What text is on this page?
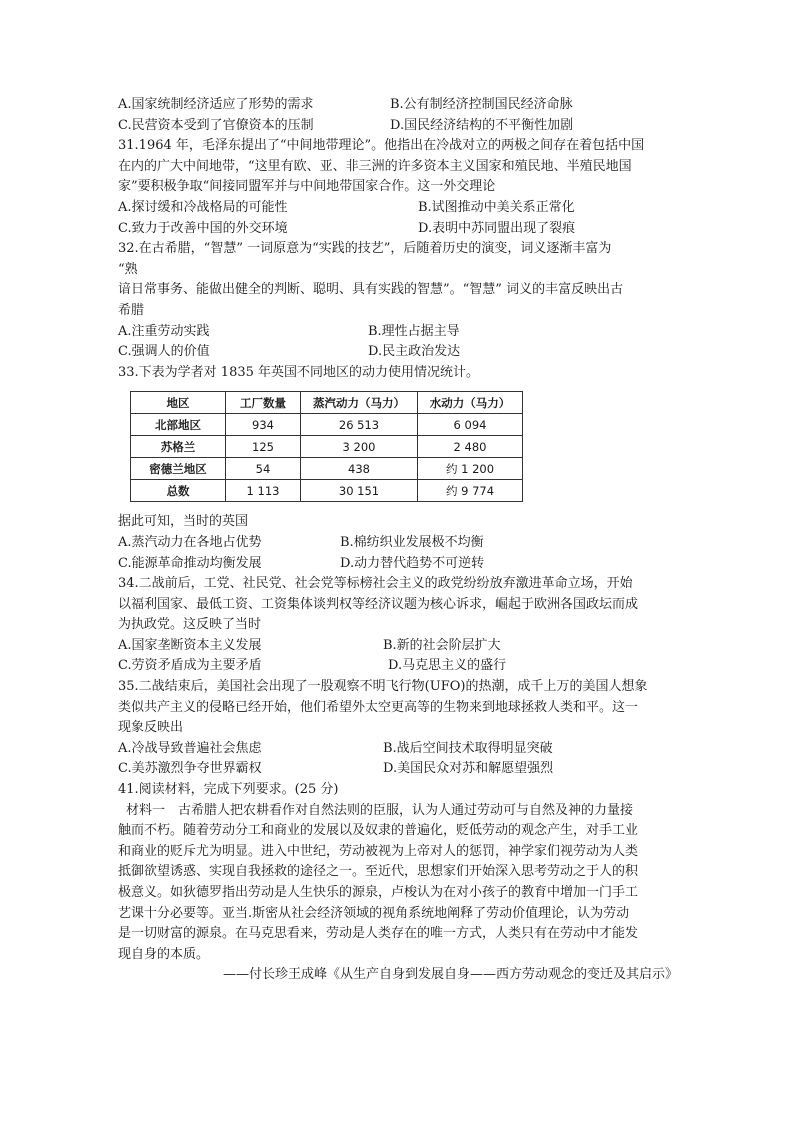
A.国家统制经济适应了形势的需求	B.公有制经济控制国民经济命脉
C.民营资本受到了官僚资本的压制	D.国民经济结构的不平衡性加剧
31.1964 年，毛泽东提出了“中间地带理论”。他指出在冷战对立的两极之间存在着包括中国
在内的广大中间地带，“这里有欧、亚、非三洲的许多资本主义国家和殖民地、半殖民地国
家”要积极争取“间接同盟军并与中间地带国家合作。这一外交理论
A.探讨缓和冷战格局的可能性	B.试图推动中美关系正常化
C.致力于改善中国的外交环境	D.表明中苏同盟出现了裂痕
32.在古希腊，“智慧” 一词原意为“实践的技艺”，后随着历史的演变，词义逐渐丰富为
“熟
谙日常事务、能做出健全的判断、聪明、具有实践的智慧”。“智慧” 词义的丰富反映出古
希腊
A.注重劳动实践	B.理性占据主导
C.强调人的价值	D.民主政治发达
33.下表为学者对 1835 年英国不同地区的动力使用情况统计。
地区	工厂数量	蒸汽动力（马力）	水动力（马力）
北部地区	934	26 513	6 094
苏格兰	125	3 200	2 480
密德兰地区	54	438	约 1 200
总数	1 113	30 151	约 9 774
据此可知，当时的英国
A.蒸汽动力在各地占优势	B.棉纺织业发展极不均衡
C.能源革命推动均衡发展	D.动力替代趋势不可逆转
34.二战前后，工党、社民党、社会党等标榜社会主义的政党纷纷放弃激进革命立场，开始
以福利国家、最低工资、工资集体谈判权等经济议题为核心诉求，崛起于欧洲各国政坛而成
为执政党。这反映了当时
A.国家垄断资本主义发展	B.新的社会阶层扩大
C.劳资矛盾成为主要矛盾	D.马克思主义的盛行
35.二战结束后，美国社会出现了一股观察不明飞行物(UFO)的热潮，成千上万的美国人想象
类似共产主义的侵略已经开始，他们希望外太空更高等的生物来到地球拯救人类和平。这一
现象反映出
A.冷战导致普遍社会焦虑	B.战后空间技术取得明显突破
C.美苏激烈争夺世界霸权	D.美国民众对苏和解愿望强烈
41.阅读材料，完成下列要求。(25 分)
材料一　古希腊人把农耕看作对自然法则的臣服，认为人通过劳动可与自然及神的力量接
触而不朽。随着劳动分工和商业的发展以及奴隶的普遍化，贬低劳动的观念产生，对手工业
和商业的贬斥尤为明显。进入中世纪，劳动被视为上帝对人的惩罚，神学家们视劳动为人类
抵御欲望诱惑、实现自我拯救的途径之一。至近代，思想家们开始深入思考劳动之于人的积
极意义。如狄德罗指出劳动是人生快乐的源泉，卢梭认为在对小孩子的教育中增加一门手工
艺课十分必要等。亚当.斯密从社会经济领域的视角系统地阐释了劳动价值理论，认为劳动
是一切财富的源泉。在马克思看来，劳动是人类存在的唯一方式，人类只有在劳动中才能发
现自身的本质。
——付长珍王成峰《从生产自身到发展自身——西方劳动观念的变迁及其启示》
